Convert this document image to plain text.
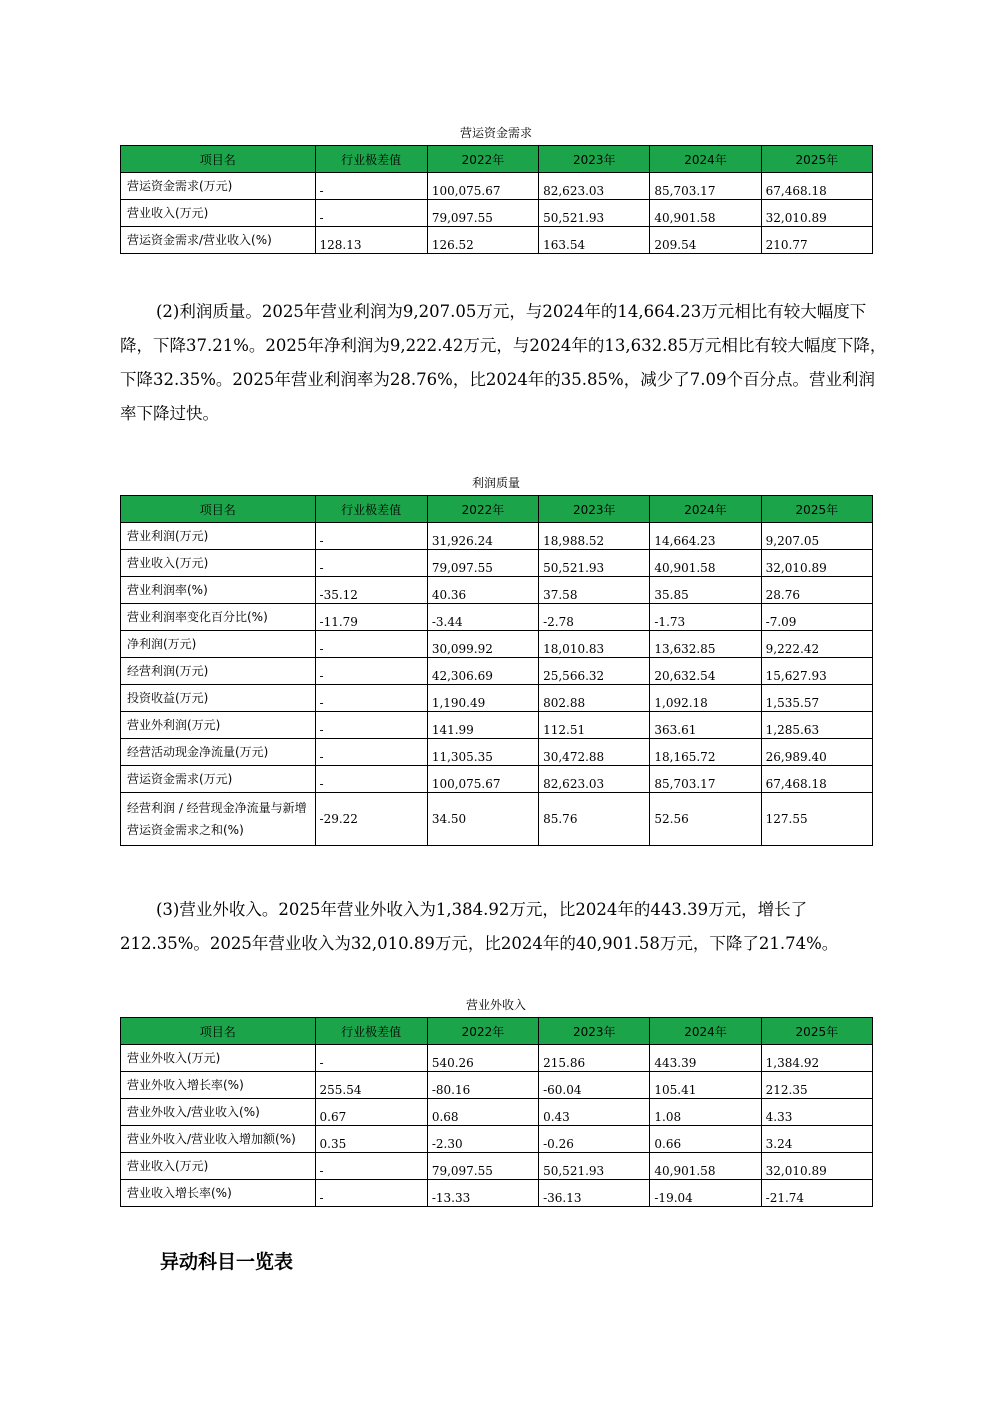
营运资金需求
项目名	行业极差值	2022年	2023年	2024年	2025年
营运资金需求(万元)	-	100,075.67	82,623.03	85,703.17	67,468.18
营业收入(万元)	-	79,097.55	50,521.93	40,901.58	32,010.89
营运资金需求/营业收入(%)	128.13	126.52	163.54	209.54	210.77

(2)利润质量。2025年营业利润为9,207.05万元，与2024年的14,664.23万元相比有较大幅度下降，下降37.21%。2025年净利润为9,222.42万元，与2024年的13,632.85万元相比有较大幅度下降，下降32.35%。2025年营业利润率为28.76%，比2024年的35.85%，减少了7.09个百分点。营业利润率下降过快。

利润质量
项目名	行业极差值	2022年	2023年	2024年	2025年
营业利润(万元)	-	31,926.24	18,988.52	14,664.23	9,207.05
营业收入(万元)	-	79,097.55	50,521.93	40,901.58	32,010.89
营业利润率(%)	-35.12	40.36	37.58	35.85	28.76
营业利润率变化百分比(%)	-11.79	-3.44	-2.78	-1.73	-7.09
净利润(万元)	-	30,099.92	18,010.83	13,632.85	9,222.42
经营利润(万元)	-	42,306.69	25,566.32	20,632.54	15,627.93
投资收益(万元)	-	1,190.49	802.88	1,092.18	1,535.57
营业外利润(万元)	-	141.99	112.51	363.61	1,285.63
经营活动现金净流量(万元)	-	11,305.35	30,472.88	18,165.72	26,989.40
营运资金需求(万元)	-	100,075.67	82,623.03	85,703.17	67,468.18
经营利润 / 经营现金净流量与新增营运资金需求之和(%)	-29.22	34.50	85.76	52.56	127.55

(3)营业外收入。2025年营业外收入为1,384.92万元，比2024年的443.39万元，增长了212.35%。2025年营业收入为32,010.89万元，比2024年的40,901.58万元，下降了21.74%。

营业外收入
项目名	行业极差值	2022年	2023年	2024年	2025年
营业外收入(万元)	-	540.26	215.86	443.39	1,384.92
营业外收入增长率(%)	255.54	-80.16	-60.04	105.41	212.35
营业外收入/营业收入(%)	0.67	0.68	0.43	1.08	4.33
营业外收入/营业收入增加额(%)	0.35	-2.30	-0.26	0.66	3.24
营业收入(万元)	-	79,097.55	50,521.93	40,901.58	32,010.89
营业收入增长率(%)	-	-13.33	-36.13	-19.04	-21.74
异动科目一览表
